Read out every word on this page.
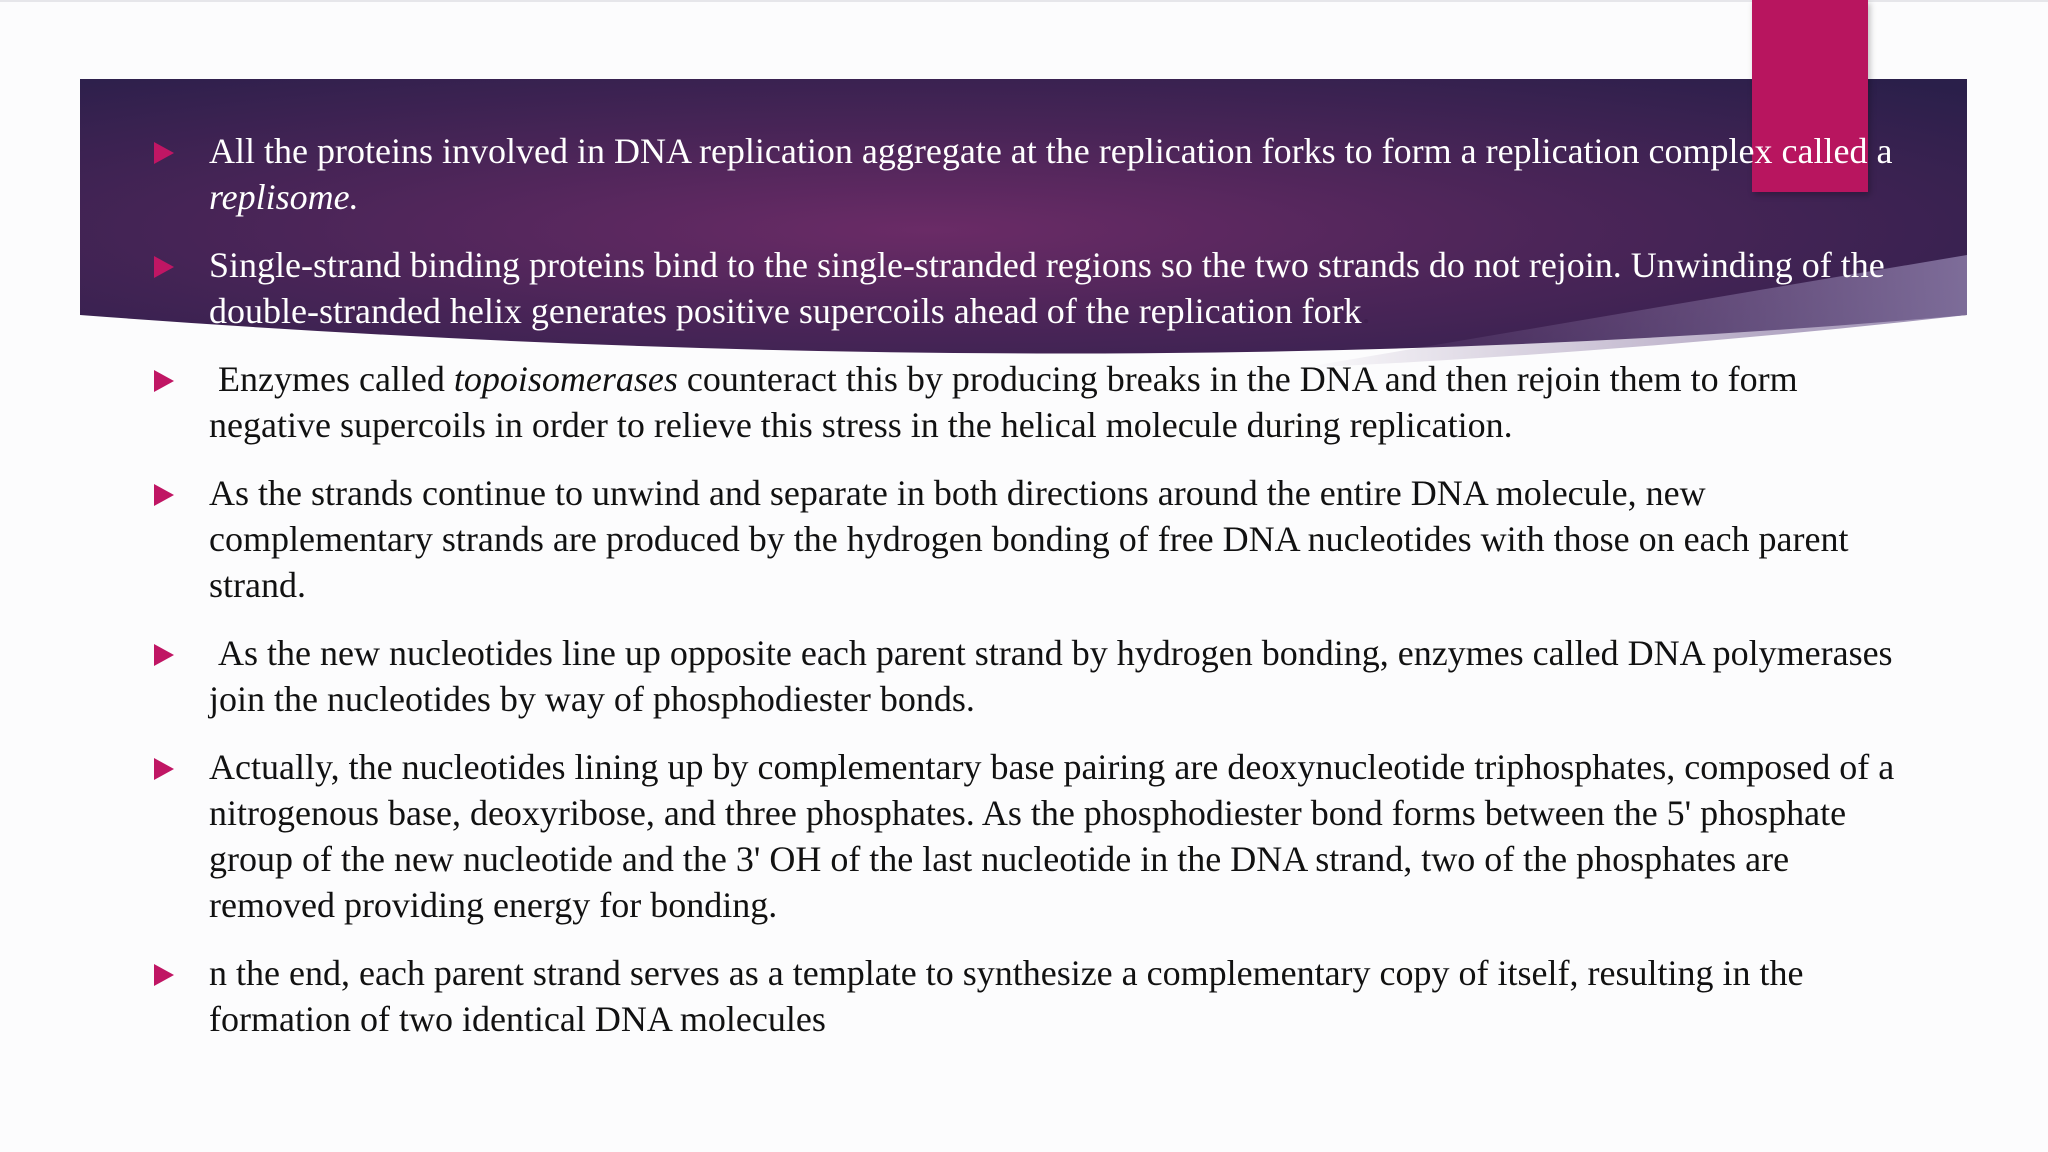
All the proteins involved in DNA replication aggregate at the replication forks to form a replication complex called a replisome.
Single-strand binding proteins bind to the single-stranded regions so the two strands do not rejoin. Unwinding of the double-stranded helix generates positive supercoils ahead of the replication fork.
Enzymes called topoisomerases counteract this by producing breaks in the DNA and then rejoin them to form negative supercoils in order to relieve this stress in the helical molecule during replication.
As the strands continue to unwind and separate in both directions around the entire DNA molecule, new complementary strands are produced by the hydrogen bonding of free DNA nucleotides with those on each parent strand.
As the new nucleotides line up opposite each parent strand by hydrogen bonding, enzymes called DNA polymerases join the nucleotides by way of phosphodiester bonds.
Actually, the nucleotides lining up by complementary base pairing are deoxynucleotide triphosphates, composed of a nitrogenous base, deoxyribose, and three phosphates. As the phosphodiester bond forms between the 5' phosphate group of the new nucleotide and the 3' OH of the last nucleotide in the DNA strand, two of the phosphates are removed providing energy for bonding.
n the end, each parent strand serves as a template to synthesize a complementary copy of itself, resulting in the formation of two identical DNA molecules
